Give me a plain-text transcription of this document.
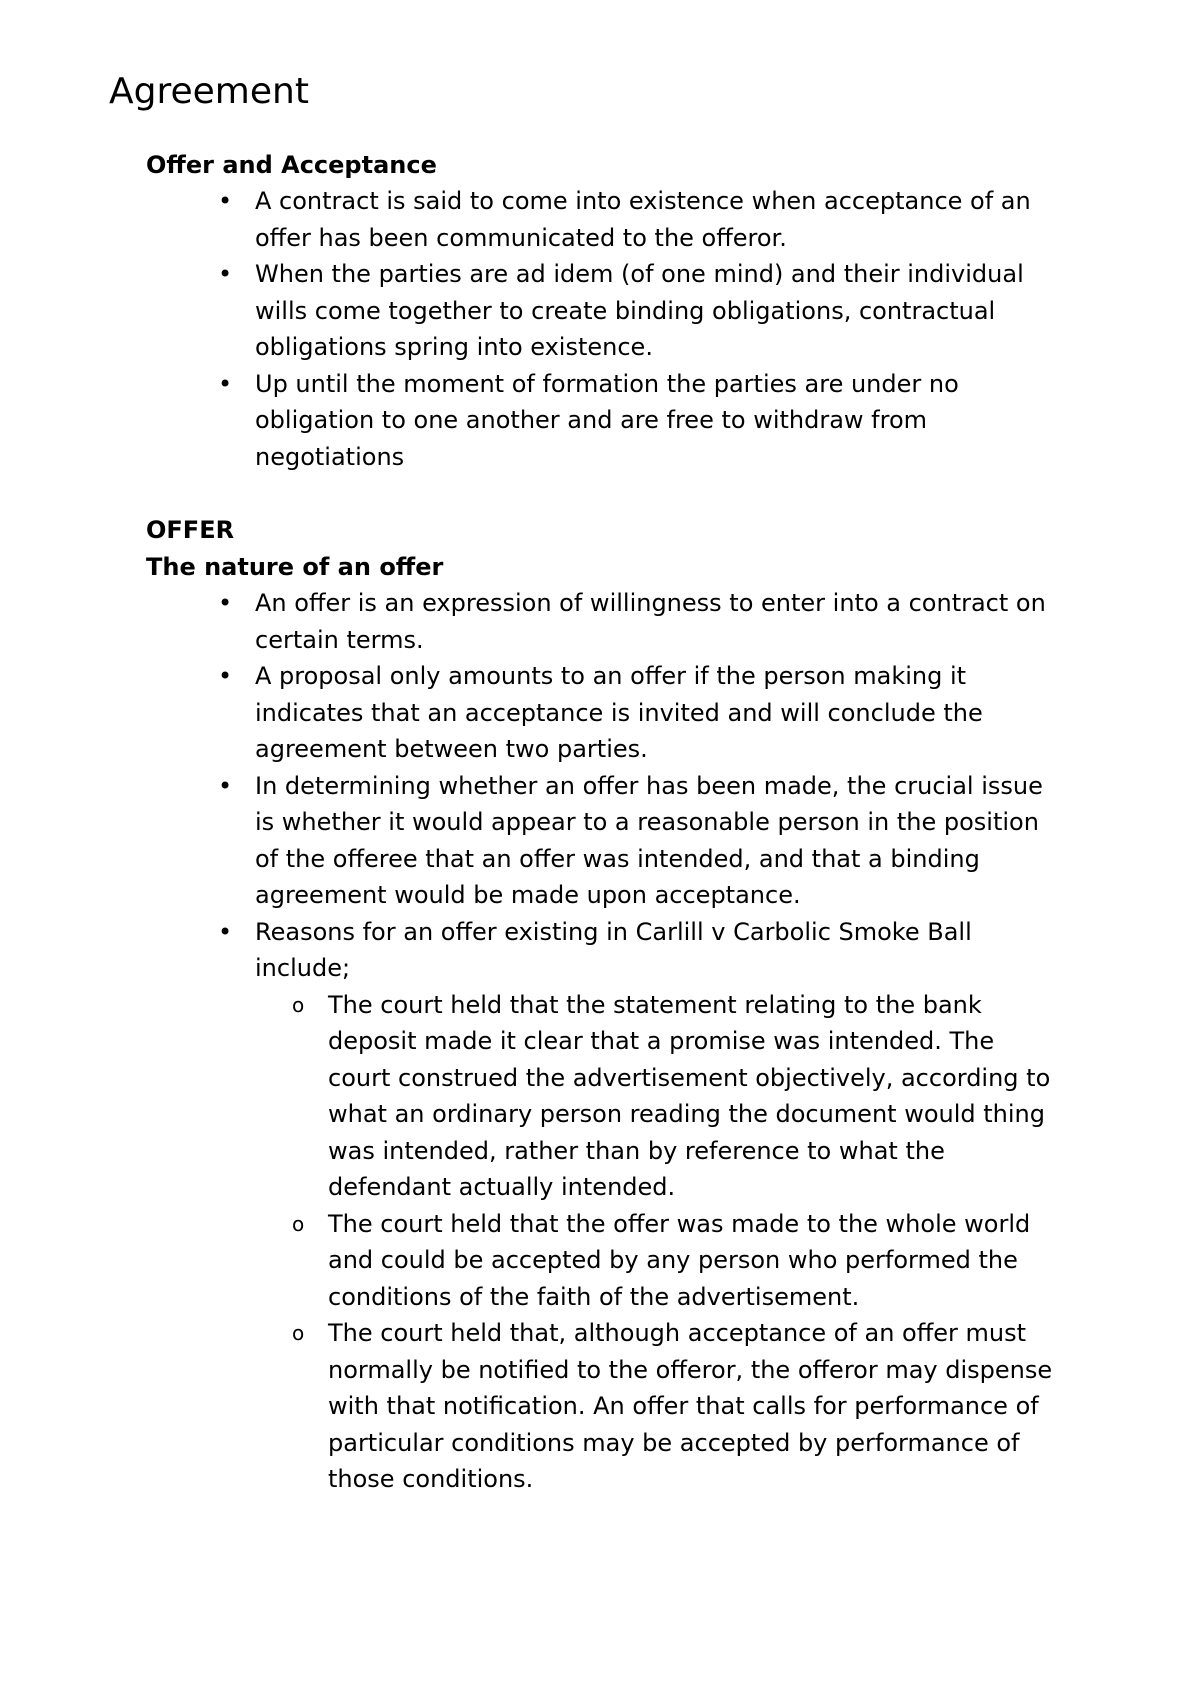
Agreement
Offer and Acceptance
• A contract is said to come into existence when acceptance of an offer has been communicated to the offeror.
• When the parties are ad idem (of one mind) and their individual wills come together to create binding obligations, contractual obligations spring into existence.
• Up until the moment of formation the parties are under no obligation to one another and are free to withdraw from negotiations
OFFER
The nature of an offer
• An offer is an expression of willingness to enter into a contract on certain terms.
• A proposal only amounts to an offer if the person making it indicates that an acceptance is invited and will conclude the agreement between two parties.
• In determining whether an offer has been made, the crucial issue is whether it would appear to a reasonable person in the position of the offeree that an offer was intended, and that a binding agreement would be made upon acceptance.
• Reasons for an offer existing in Carlill v Carbolic Smoke Ball include;
o The court held that the statement relating to the bank deposit made it clear that a promise was intended. The court construed the advertisement objectively, according to what an ordinary person reading the document would thing was intended, rather than by reference to what the defendant actually intended.
o The court held that the offer was made to the whole world and could be accepted by any person who performed the conditions of the faith of the advertisement.
o The court held that, although acceptance of an offer must normally be notified to the offeror, the offeror may dispense with that notification. An offer that calls for performance of particular conditions may be accepted by performance of those conditions.
